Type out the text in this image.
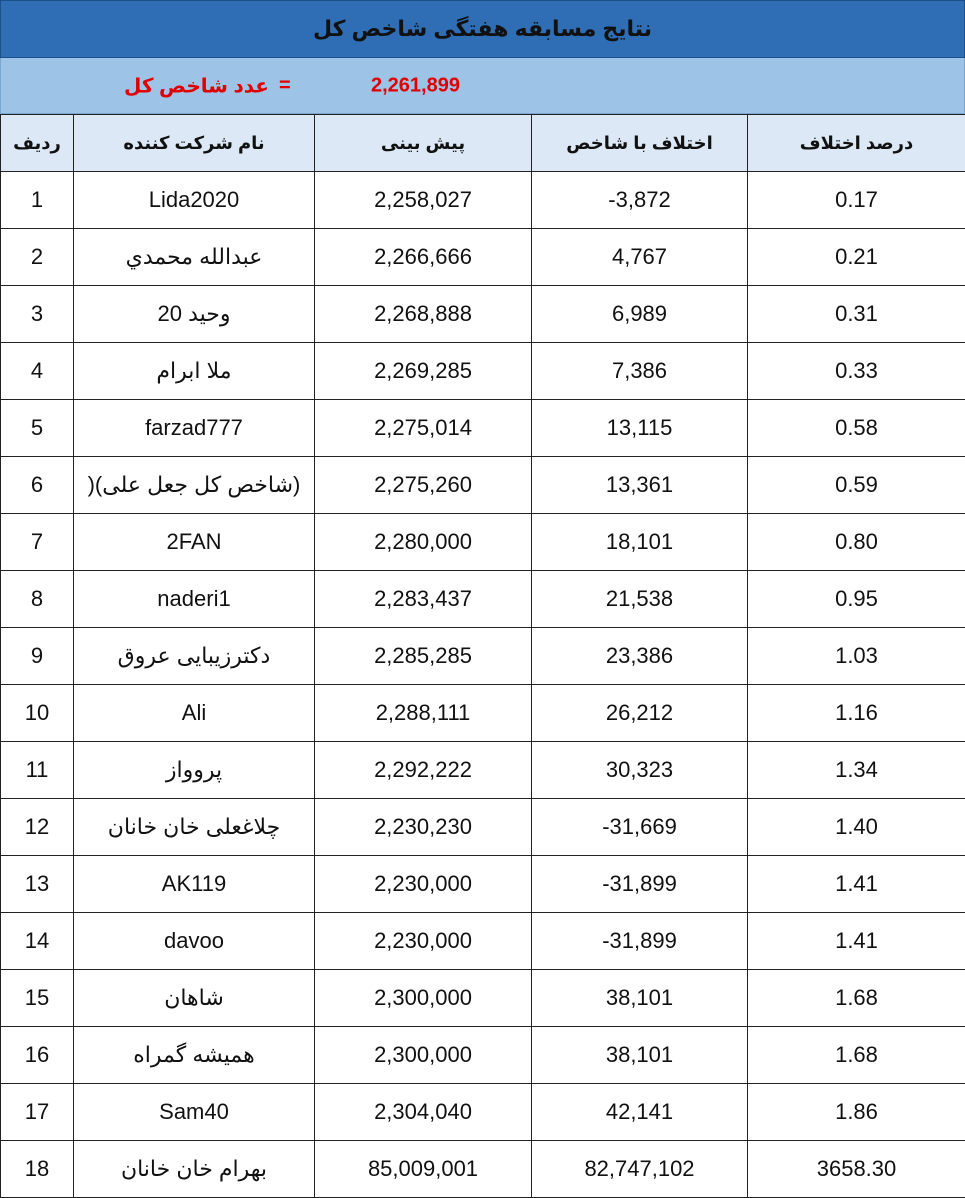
نتایج مسابقه هفتگی شاخص کل
عدد شاخص کل =	2,261,899
ردیف	نام شرکت کننده	پیش بینی	اختلاف با شاخص	درصد اختلاف
1	Lida2020	2,258,027	-3,872	0.17
2	عبدالله محمدي	2,266,666	4,767	0.21
3	وحید 20	2,268,888	6,989	0.31
4	ملا ابرام	2,269,285	7,386	0.33
5	farzad777	2,275,014	13,115	0.58
6	(شاخص کل جعل علی)(	2,275,260	13,361	0.59
7	2FAN	2,280,000	18,101	0.80
8	naderi1	2,283,437	21,538	0.95
9	دکترزیبایی عروق	2,285,285	23,386	1.03
10	Ali	2,288,111	26,212	1.16
11	پروواز	2,292,222	30,323	1.34
12	چلاغعلی خان خانان	2,230,230	-31,669	1.40
13	AK119	2,230,000	-31,899	1.41
14	davoo	2,230,000	-31,899	1.41
15	شاهان	2,300,000	38,101	1.68
16	همیشه گمراه	2,300,000	38,101	1.68
17	Sam40	2,304,040	42,141	1.86
18	بهرام خان خانان	85,009,001	82,747,102	3658.30
